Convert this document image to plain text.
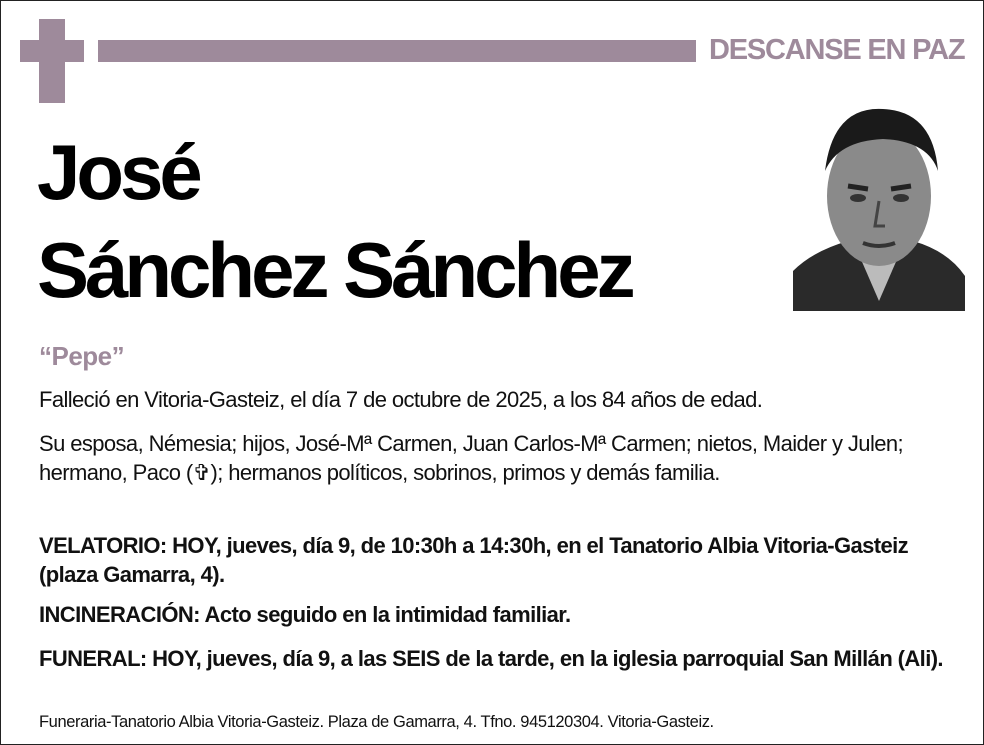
DESCANSE EN PAZ
José
Sánchez Sánchez
“Pepe”
Falleció en Vitoria-Gasteiz, el día 7 de octubre de 2025, a los 84 años de edad.
Su esposa, Némesia; hijos, José-Mª Carmen, Juan Carlos-Mª Carmen; nietos, Maider y Julen; hermano, Paco (✞); hermanos políticos, sobrinos, primos y demás familia.
VELATORIO: HOY, jueves, día 9, de 10:30h a 14:30h, en el Tanatorio Albia Vitoria-Gasteiz (plaza Gamarra, 4).
INCINERACIÓN: Acto seguido en la intimidad familiar.
FUNERAL: HOY, jueves, día 9, a las SEIS de la tarde, en la iglesia parroquial San Millán (Ali).
Funeraria-Tanatorio Albia Vitoria-Gasteiz. Plaza de Gamarra, 4. Tfno. 945120304. Vitoria-Gasteiz.
